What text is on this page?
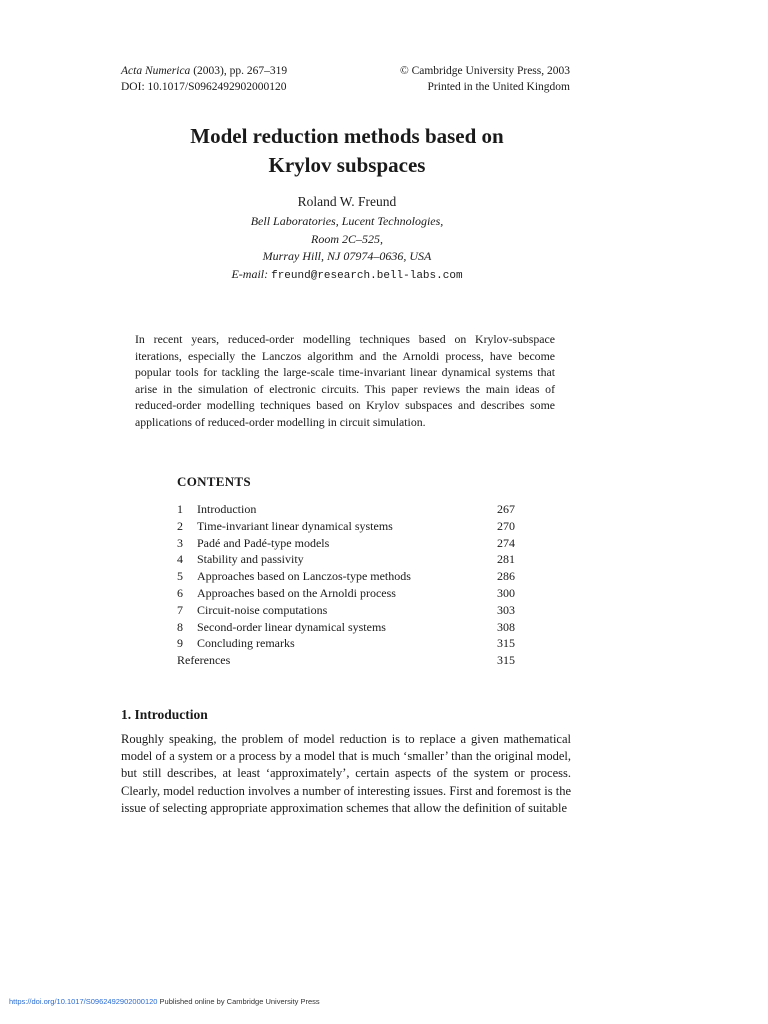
Acta Numerica (2003), pp. 267–319
DOI: 10.1017/S0962492902000120
© Cambridge University Press, 2003
Printed in the United Kingdom
Model reduction methods based on
Krylov subspaces
Roland W. Freund
Bell Laboratories, Lucent Technologies,
Room 2C–525,
Murray Hill, NJ 07974–0636, USA
E-mail: freund@research.bell-labs.com
In recent years, reduced-order modelling techniques based on Krylov-subspace iterations, especially the Lanczos algorithm and the Arnoldi process, have become popular tools for tackling the large-scale time-invariant linear dynamical systems that arise in the simulation of electronic circuits. This paper reviews the main ideas of reduced-order modelling techniques based on Krylov subspaces and describes some applications of reduced-order modelling in circuit simulation.
CONTENTS
1 Introduction	267
2 Time-invariant linear dynamical systems	270
3 Padé and Padé-type models	274
4 Stability and passivity	281
5 Approaches based on Lanczos-type methods	286
6 Approaches based on the Arnoldi process	300
7 Circuit-noise computations	303
8 Second-order linear dynamical systems	308
9 Concluding remarks	315
References	315
1. Introduction
Roughly speaking, the problem of model reduction is to replace a given mathematical model of a system or a process by a model that is much ‘smaller’ than the original model, but still describes, at least ‘approximately’, certain aspects of the system or process. Clearly, model reduction involves a number of interesting issues. First and foremost is the issue of selecting appropriate approximation schemes that allow the definition of suitable
https://doi.org/10.1017/S0962492902000120 Published online by Cambridge University Press
